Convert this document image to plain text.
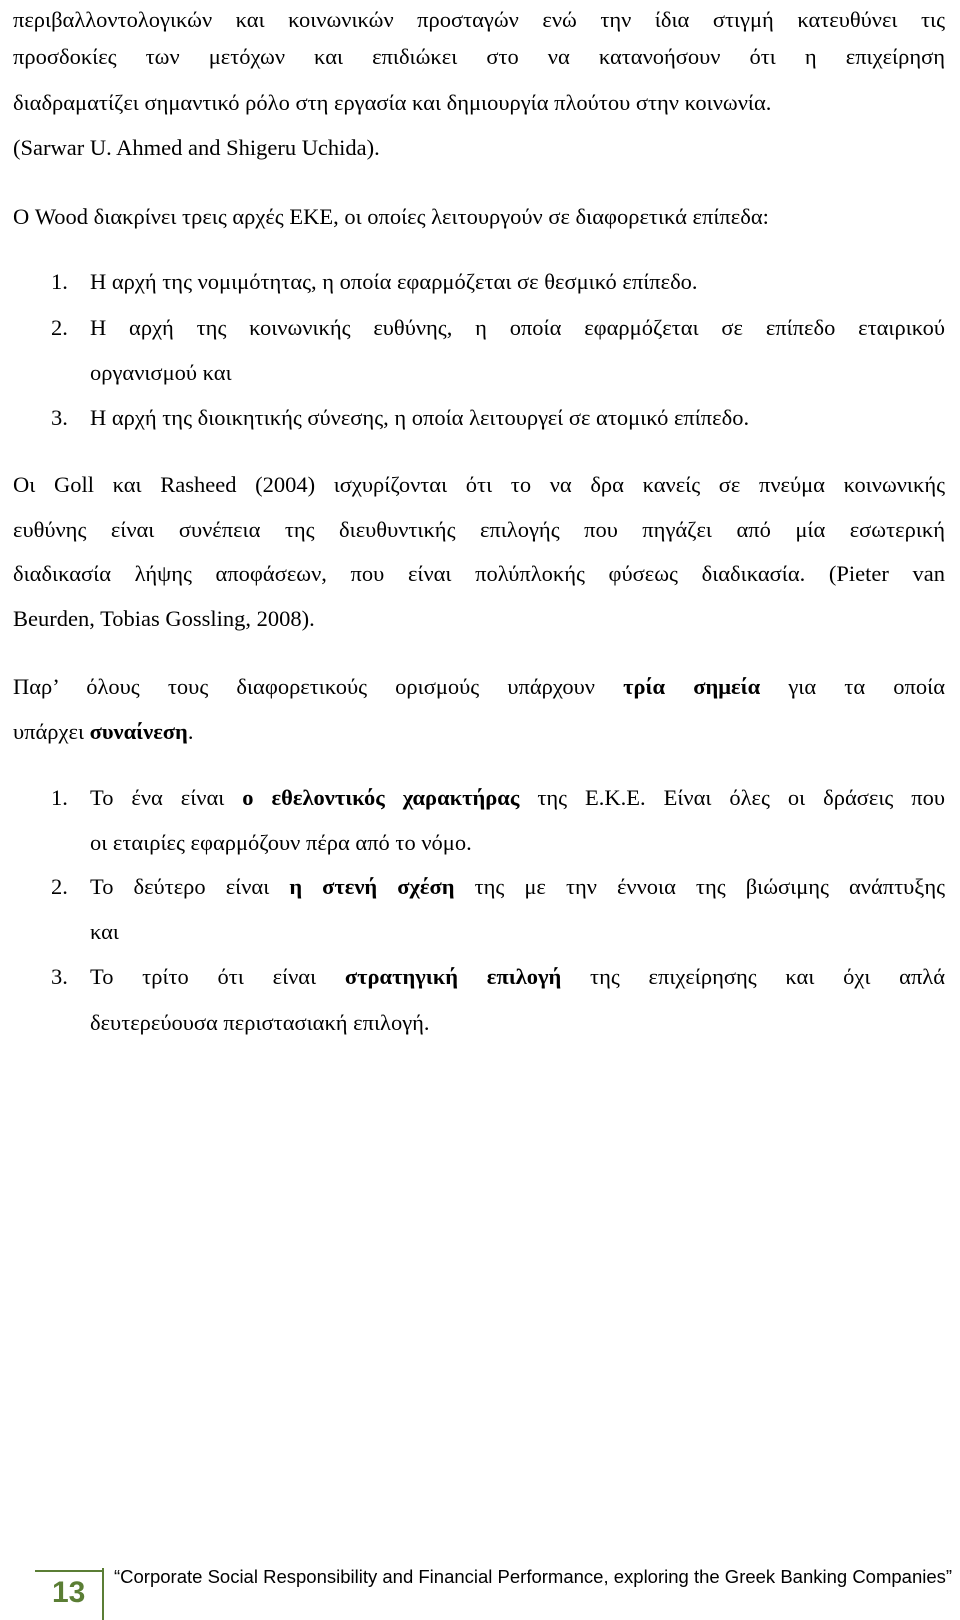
περιβαλλοντολογικών και κοινωνικών προσταγών ενώ την ίδια στιγμή κατευθύνει τις
προσδοκίες των μετόχων και επιδιώκει στο να κατανοήσουν ότι η επιχείρηση
διαδραματίζει σημαντικό ρόλο στη εργασία και δημιουργία πλούτου στην κοινωνία.
(Sarwar U. Ahmed and Shigeru Uchida).
Ο Wood διακρίνει τρεις αρχές ΕΚΕ, οι οποίες λειτουργούν σε διαφορετικά επίπεδα:
1. Η αρχή της νομιμότητας, η οποία εφαρμόζεται σε θεσμικό επίπεδο.
2. Η αρχή της κοινωνικής ευθύνης, η οποία εφαρμόζεται σε επίπεδο εταιρικού
οργανισμού και
3. Η αρχή της διοικητικής σύνεσης, η οποία λειτουργεί σε ατομικό επίπεδο.
Οι Goll και Rasheed (2004) ισχυρίζονται ότι το να δρα κανείς σε πνεύμα κοινωνικής
ευθύνης είναι συνέπεια της διευθυντικής επιλογής που πηγάζει από μία εσωτερική
διαδικασία λήψης αποφάσεων, που είναι πολύπλοκής φύσεως διαδικασία. (Pieter van
Beurden, Tobias Gossling, 2008).
Παρ’ όλους τους διαφορετικούς ορισμούς υπάρχουν τρία σημεία για τα οποία
υπάρχει συναίνεση.
1. Το ένα είναι ο εθελοντικός χαρακτήρας της Ε.Κ.Ε. Είναι όλες οι δράσεις που
οι εταιρίες εφαρμόζουν πέρα από το νόμο.
2. Το δεύτερο είναι η στενή σχέση της με την έννοια της βιώσιμης ανάπτυξης
και
3. Το τρίτο ότι είναι στρατηγική επιλογή της επιχείρησης και όχι απλά
δευτερεύουσα περιστασιακή επιλογή.
13 “Corporate Social Responsibility and Financial Performance, exploring the Greek Banking Companies”
